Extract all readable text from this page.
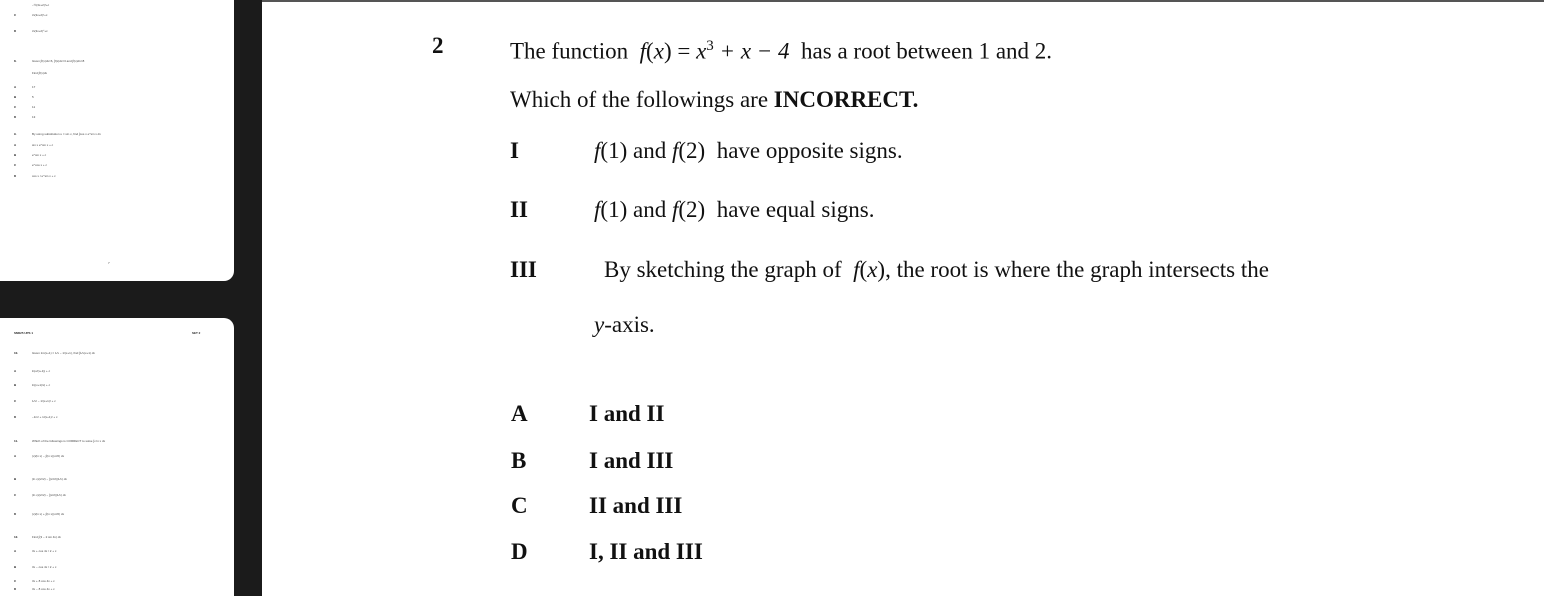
−½(3x+2)³+c
C	⅓(3x+2)³+c
D	⅓(3x+2)⁴+c
8.	Given ∫f(x)dx=6, ∫f(x)dx=3 and ∫f(x)dx=8
Find ∫f(x)dx
A	17
B	5
C	11
D	13
9.	By using substitution u = sin x, find ∫cos x e^sin x dx
A	sin x e^sin x + c
B	e^sin x + c
C	e^cos x + c
D	cos x / e^sin x + c
7
SM025 UPS 1	SET 2
10.	Given 1/x(x+1) = 1/x − 1/(x+1), find ∫1/x(x+1) dx
A	ln|x/(x+1)| + c
B	ln|(x+1)/x| + c
C	1/x² − 1/(x+1)² + c
D	−1/x² + 1/(x+1)² + c
11.	Which of the followings is CORRECT to solve ∫x ln x dx
A	(x)(ln x) − ∫(ln x)(x²/2) dx
B	(ln x)(x²/2) − ∫(x²/2)(1/x) dx
C	(ln x)(x²/2) − ∫(x/2)(1/x) dx
D	(x)(ln x) + ∫(ln x)(x²/2) dx
12.	Find ∫(3 − 2 sin 4x) dx
A	3x + cos 4x / 2 + c
B	3x − cos 4x / 2 + c
C	3x + 8 cos 4x + c
D	3x − 8 cos 4x + c
2	The function $f(x) = x^3 + x - 4$ has a root between 1 and 2.
Which of the followings are INCORRECT.
I	f(1) and f(2) have opposite signs.
II	f(1) and f(2) have equal signs.
III	By sketching the graph of f(x), the root is where the graph intersects the
y-axis.
A	I and II
B	I and III
C	II and III
D	I, II and III
